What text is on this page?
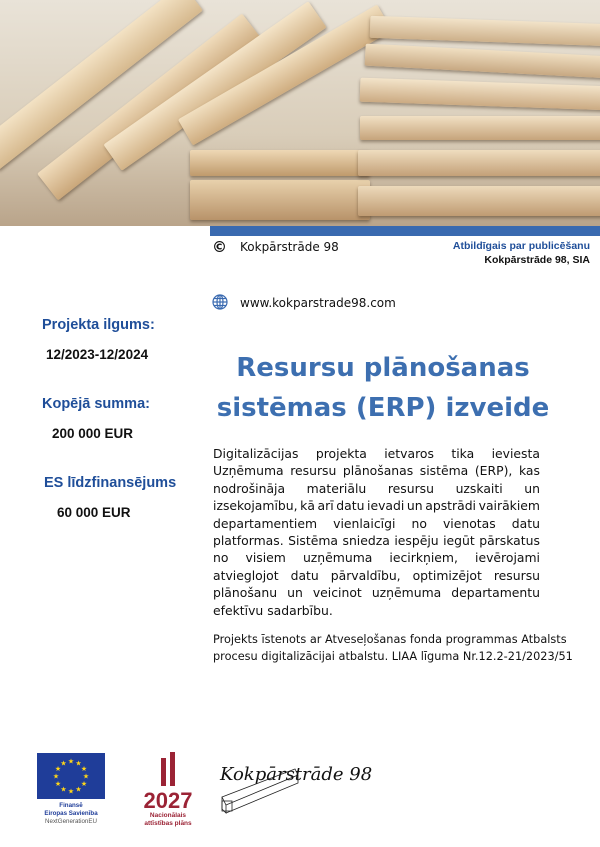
© Kokpārstrāde 98	Atbildīgais par publicēšanu
Kokpārstrāde 98, SIA
www.kokparstrade98.com
Projekta ilgums:
12/2023-12/2024
Kopējā summa:
200 000 EUR
ES līdzfinansējums
60 000 EUR
Resursu plānošanas
sistēmas (ERP) izveide
Digitalizācijas projekta ietvaros tika ieviesta
Uzņēmuma resursu plānošanas sistēma (ERP), kas
nodrošināja materiālu resursu uzskaiti un
izsekojamību, kā arī datu ievadi un apstrādi vairākiem
departamentiem vienlaicīgi no vienotas datu
platformas. Sistēma sniedza iespēju iegūt pārskatus
no visiem uzņēmuma iecirkņiem, ievērojami
atvieglojot datu pārvaldību, optimizējot resursu
plānošanu un veicinot uzņēmuma departamentu
efektīvu sadarbību.
Projekts īstenots ar Atveseļošanas fonda programmas Atbalsts
procesu digitalizācijai atbalstu. LIAA līguma Nr.12.2-21/2023/51
★
★
★
★
★
★
★
★
★ ★ ★
★
Finansē
Eiropas Savienība
NextGenerationEU
2027
Nacionālais
attīstības plāns
Kokpārstrāde 98
